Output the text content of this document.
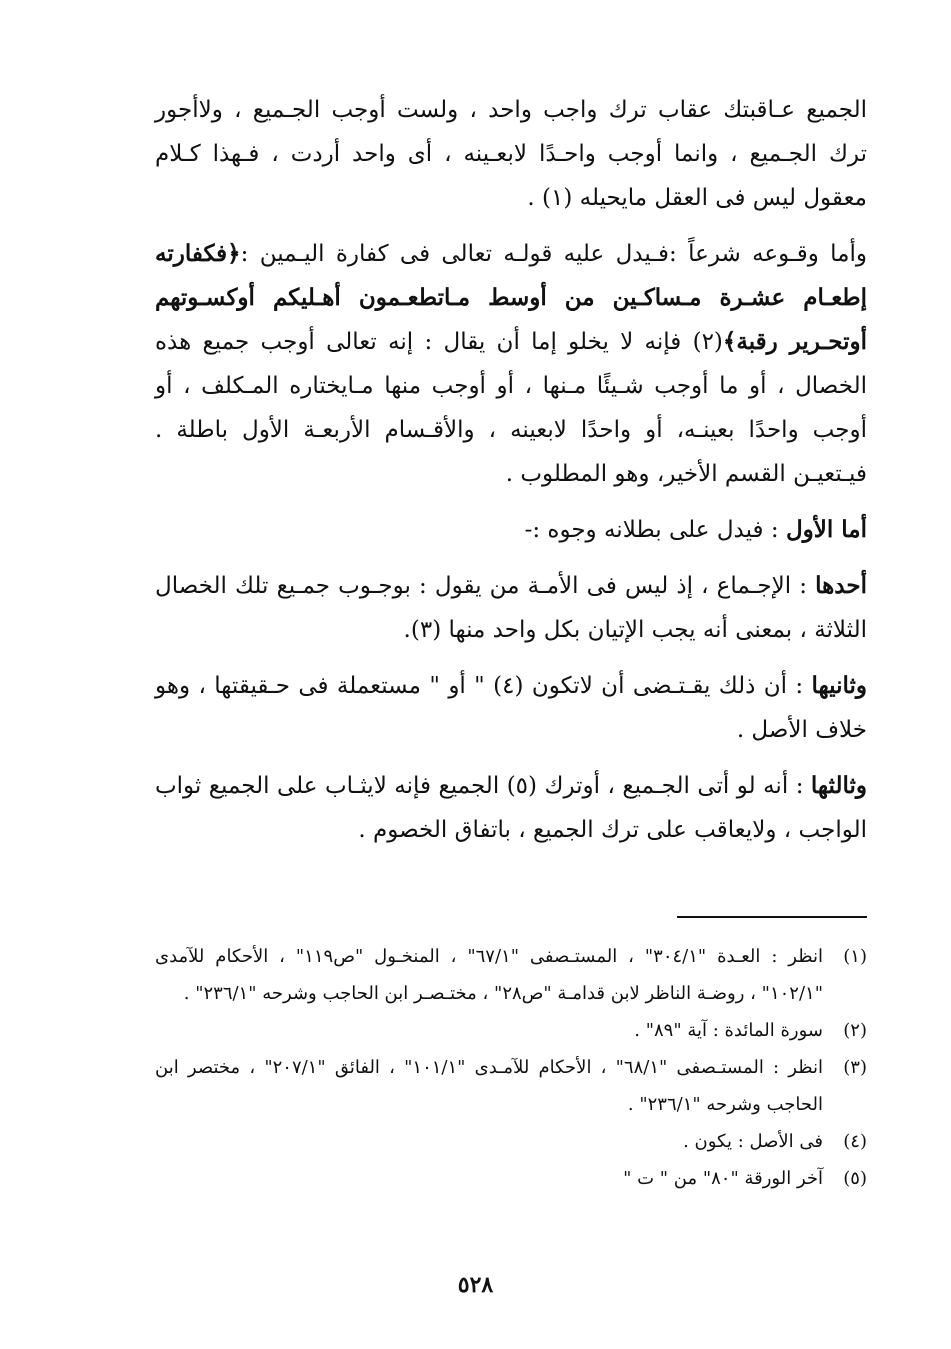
الجميع عـاقبتك عقاب ترك واجب واحد ، ولست أوجب الجـميع ، ولاأجور ترك الجـميع ، وانما أوجب واحـدًا لابعـينه ، أى واحد أردت ، فـهذا كـلام معقول ليس فى العقل مايحيله (١) .

وأما وقـوعه شرعاً :فـيدل عليه قولـه تعالى فى كفارة اليـمين :﴿فكفارته إطعـام عشـرة مـساكـين من أوسط مـاتطعـمون أهـليكم أوكسـوتهم أوتحـرير رقبة﴾(٢) فإنه لا يخلو إما أن يقال : إنه تعالى أوجب جميع هذه الخصال ، أو ما أوجب شـيئًا مـنها ، أو أوجب منها مـايختاره المـكلف ، أو أوجب واحدًا بعينـه، أو واحدًا لابعينه ، والأقـسام الأربعـة الأول باطلة . فيـتعيـن القسم الأخير، وهو المطلوب .

أما الأول : فيدل على بطلانه وجوه :-

أحدها : الإجـماع ، إذ ليس فى الأمـة من يقول : بوجـوب جمـيع تلك الخصال الثلاثة ، بمعنى أنه يجب الإتيان بكل واحد منها (٣).

وثانيها : أن ذلك يقـتـضى أن لاتكون (٤) " أو " مستعملة فى حـقيقتها ، وهو خلاف الأصل .

وثالثها : أنه لو أتى الجـميع ، أوترك (٥) الجميع فإنه لايثـاب على الجميع ثواب الواجب ، ولايعاقب على ترك الجميع ، باتفاق الخصوم .

(١)انظر : العـدة "٣٠٤/١" ، المستـصفى "٦٧/١" ، المنخـول "ص١١٩" ، الأحكام للآمدى "١٠٢/١" ، روضـة الناظر لابن قدامـة "ص٢٨" ، مختـصـر ابن الحاجب وشرحه "٢٣٦/١" .

(٢)سورة المائدة : آية "٨٩" .

(٣)انظر : المستـصفى "٦٨/١" ، الأحكام للآمـدى "١٠١/١" ، الفائق "٢٠٧/١" ، مختصر ابن الحاجب وشرحه "٢٣٦/١" .

(٤)فى الأصل : يكون .

(٥)آخر الورقة "٨٠" من " ت "

٥٢٨
